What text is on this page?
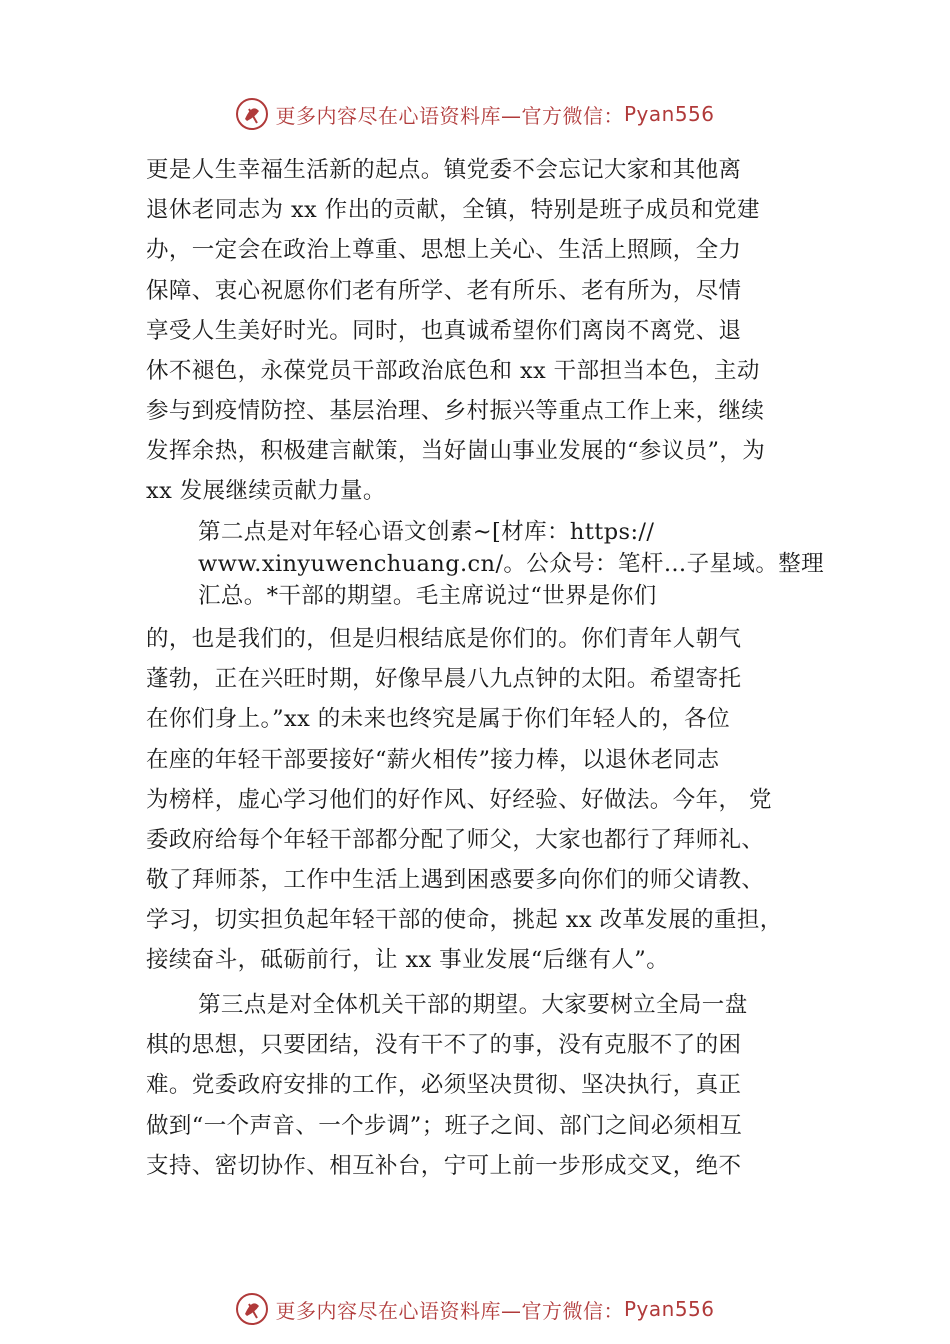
更多内容尽在心语资料库—官方微信： Pyan556
更是人生幸福生活新的起点。镇党委不会忘记大家和其他离
退休老同志为 xx 作出的贡献，全镇，特别是班子成员和党建
办，一定会在政治上尊重、思想上关心、生活上照顾，全力
保障、衷心祝愿你们老有所学、老有所乐、老有所为，尽情
享受人生美好时光。同时，也真诚希望你们离岗不离党、退
休不褪色，永葆党员干部政治底色和 xx 干部担当本色，主动
参与到疫情防控、基层治理、乡村振兴等重点工作上来，继续
发挥余热，积极建言献策，当好崮山事业发展的“参议员”，为
xx 发展继续贡献力量。
第二点是对年轻心语文创素~[材库：https://
www.xinyuwenchuang.cn/。公众号：笔杆…子星域。整理
汇总。*干部的期望。毛主席说过“世界是你们
的，也是我们的，但是归根结底是你们的。你们青年人朝气
蓬勃，正在兴旺时期，好像早晨八九点钟的太阳。希望寄托
在你们身上。”xx 的未来也终究是属于你们年轻人的，各位
在座的年轻干部要接好“薪火相传”接力棒，以退休老同志
为榜样，虚心学习他们的好作风、好经验、好做法。今年， 党
委政府给每个年轻干部都分配了师父，大家也都行了拜师礼、
敬了拜师茶，工作中生活上遇到困惑要多向你们的师父请教、
学习，切实担负起年轻干部的使命，挑起 xx 改革发展的重担，
接续奋斗，砥砺前行，让 xx 事业发展“后继有人”。
第三点是对全体机关干部的期望。大家要树立全局一盘
棋的思想，只要团结，没有干不了的事，没有克服不了的困
难。党委政府安排的工作，必须坚决贯彻、坚决执行，真正
做到“一个声音、一个步调”；班子之间、部门之间必须相互
支持、密切协作、相互补台，宁可上前一步形成交叉，绝不
更多内容尽在心语资料库—官方微信： Pyan556
